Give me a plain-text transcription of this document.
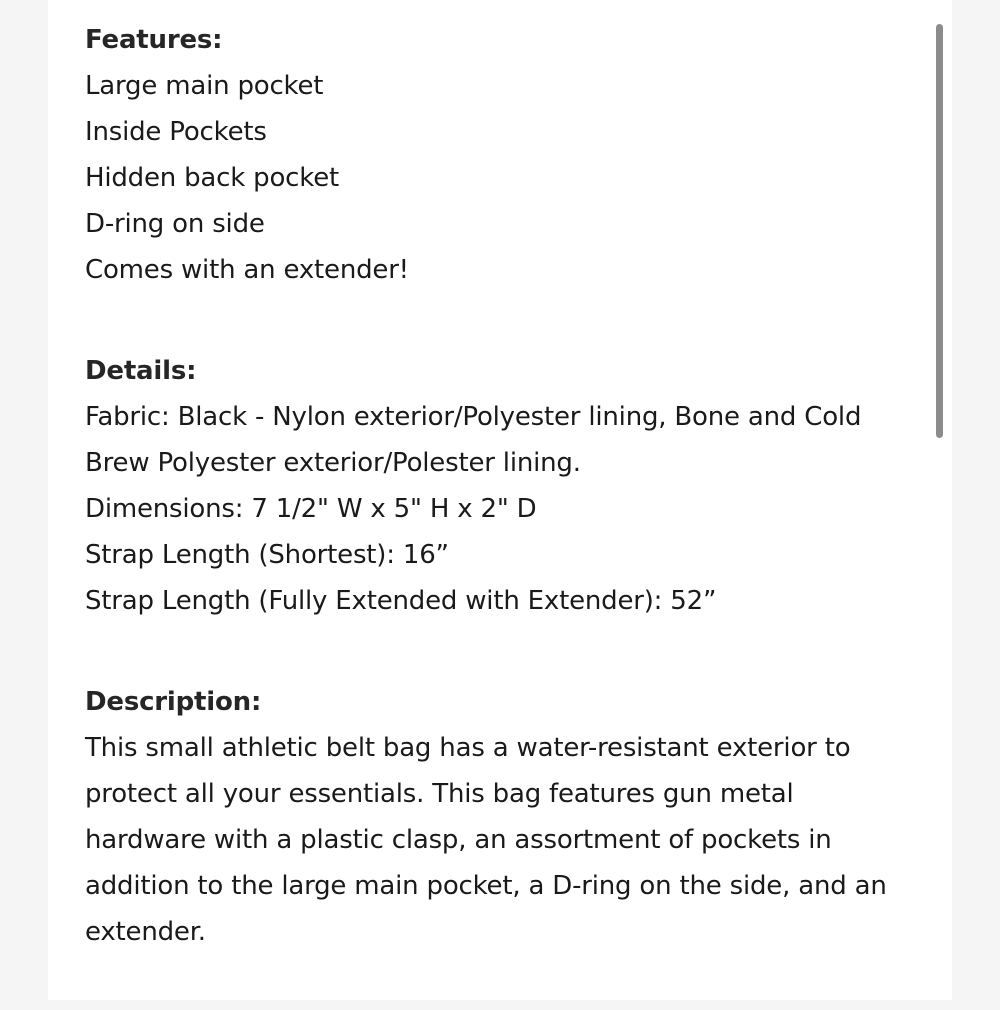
Features:
Large main pocket
Inside Pockets
Hidden back pocket
D-ring on side
Comes with an extender!
Details:
Fabric: Black - Nylon exterior/Polyester lining, Bone and Cold
Brew Polyester exterior/Polester lining.
Dimensions: 7 1/2" W x 5" H x 2" D
Strap Length (Shortest): 16”
Strap Length (Fully Extended with Extender): 52”
Description:
This small athletic belt bag has a water-resistant exterior to
protect all your essentials. This bag features gun metal
hardware with a plastic clasp, an assortment of pockets in
addition to the large main pocket, a D-ring on the side, and an
extender.
